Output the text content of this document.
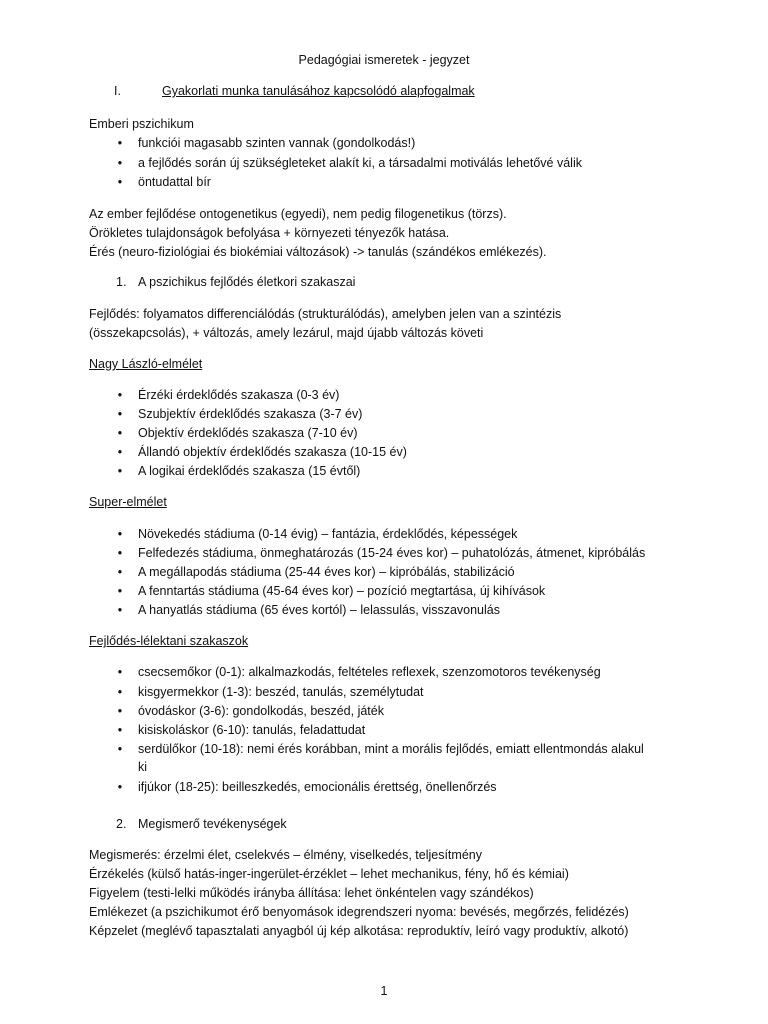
Pedagógiai ismeretek - jegyzet
I.	Gyakorlati munka tanulásához kapcsolódó alapfogalmak
Emberi pszichikum
•	funkciói magasabb szinten vannak (gondolkodás!)
•	a fejlődés során új szükségleteket alakít ki, a társadalmi motiválás lehetővé válik
•	öntudattal bír
Az ember fejlődése ontogenetikus (egyedi), nem pedig filogenetikus (törzs).
Örökletes tulajdonságok befolyása + környezeti tényezők hatása.
Érés (neuro-fiziológiai és biokémiai változások) -> tanulás (szándékos emlékezés).
1. A pszichikus fejlődés életkori szakaszai
Fejlődés: folyamatos differenciálódás (strukturálódás), amelyben jelen van a szintézis
(összekapcsolás), + változás, amely lezárul, majd újabb változás követi
Nagy László-elmélet
•	Érzéki érdeklődés szakasza (0-3 év)
•	Szubjektív érdeklődés szakasza (3-7 év)
•	Objektív érdeklődés szakasza (7-10 év)
•	Állandó objektív érdeklődés szakasza (10-15 év)
•	A logikai érdeklődés szakasza (15 évtől)
Super-elmélet
•	Növekedés stádiuma (0-14 évig) – fantázia, érdeklődés, képességek
•	Felfedezés stádiuma, önmeghatározás (15-24 éves kor) – puhatolózás, átmenet, kipróbálás
•	A megállapodás stádiuma (25-44 éves kor) – kipróbálás, stabilizáció
•	A fenntartás stádiuma (45-64 éves kor) – pozíció megtartása, új kihívások
•	A hanyatlás stádiuma (65 éves kortól) – lelassulás, visszavonulás
Fejlődés-lélektani szakaszok
•	csecsemőkor (0-1): alkalmazkodás, feltételes reflexek, szenzomotoros tevékenység
•	kisgyermekkor (1-3): beszéd, tanulás, személytudat
•	óvodáskor (3-6): gondolkodás, beszéd, játék
•	kisiskoláskor (6-10): tanulás, feladattudat
•	serdülőkor (10-18): nemi érés korábban, mint a morális fejlődés, emiatt ellentmondás alakul
ki
•	ifjúkor (18-25): beilleszkedés, emocionális érettség, önellenőrzés
2. Megismerő tevékenységek
Megismerés: érzelmi élet, cselekvés – élmény, viselkedés, teljesítmény
Érzékelés (külső hatás-inger-ingerület-érzéklet – lehet mechanikus, fény, hő és kémiai)
Figyelem (testi-lelki működés irányba állítása: lehet önkéntelen vagy szándékos)
Emlékezet (a pszichikumot érő benyomások idegrendszeri nyoma: bevésés, megőrzés, felidézés)
Képzelet (meglévő tapasztalati anyagból új kép alkotása: reproduktív, leíró vagy produktív, alkotó)
1
